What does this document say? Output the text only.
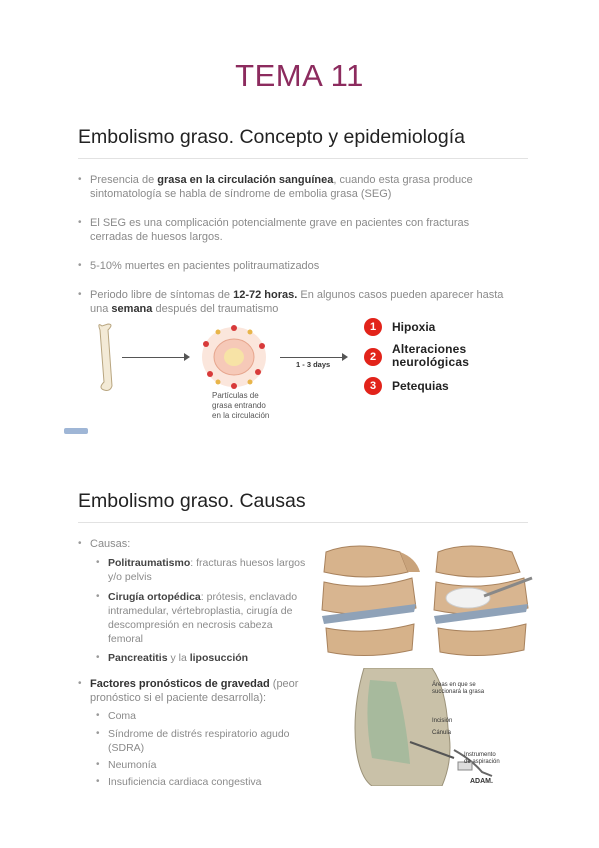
TEMA 11
Embolismo graso. Concepto y epidemiología
• Presencia de grasa en la circulación sanguínea, cuando esta grasa produce sintomatología se habla de síndrome de embolia grasa (SEG)
• El SEG es una complicación potencialmente grave en pacientes con fracturas cerradas de huesos largos.
• 5-10% muertes en pacientes politraumatizados
• Periodo libre de síntomas de 12-72 horas. En algunos casos pueden aparecer hasta una semana después del traumatismo
1 - 3 days
Partículas de grasa entrando en la circulación
1	Hipoxia
2
Alteraciones neurológicas
3	Petequias
Embolismo graso. Causas
• Causas:
• Politraumatismo: fracturas huesos largos y/o pelvis
• Cirugía ortopédica: prótesis, enclavado intramedular, vértebroplastia, cirugía de descompresión en necrosis cabeza femoral
• Pancreatitis y la liposucción
• Factores pronósticos de gravedad (peor pronóstico si el paciente desarrolla):
• Coma
• Síndrome de distrés respiratorio agudo (SDRA)
• Neumonía
• Insuficiencia cardiaca congestiva
Áreas en que se succionará la grasa
Incisión
Cánula
Instrumento de aspiración
ADAM.
